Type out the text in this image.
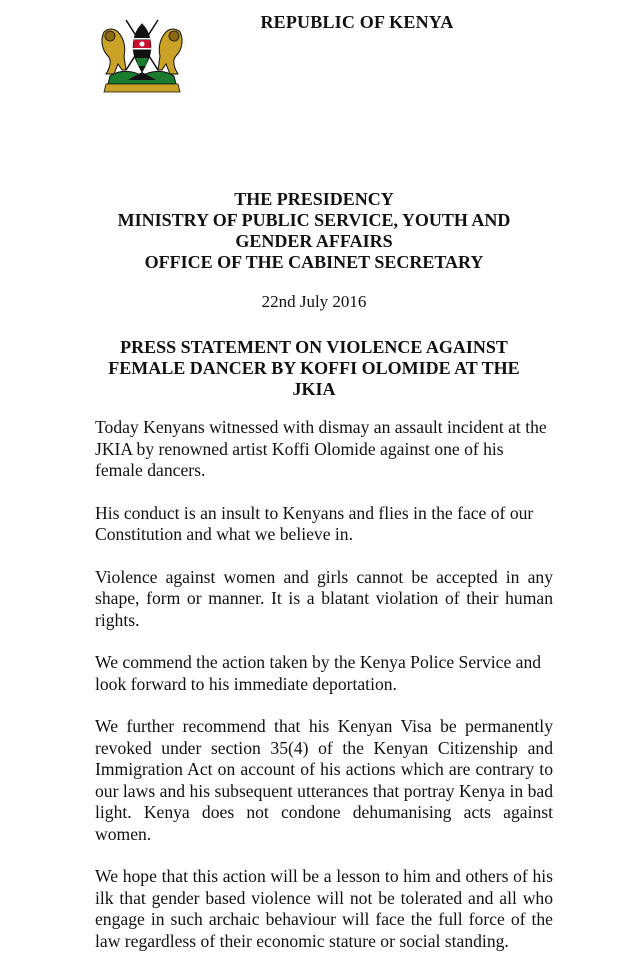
REPUBLIC OF KENYA
THE PRESIDENCY
MINISTRY OF PUBLIC SERVICE, YOUTH AND
GENDER AFFAIRS
OFFICE OF THE CABINET SECRETARY
22nd July 2016
PRESS STATEMENT ON VIOLENCE AGAINST
FEMALE DANCER BY KOFFI OLOMIDE AT THE
JKIA

Today Kenyans witnessed with dismay an assault incident at the JKIA by renowned artist Koffi Olomide against one of his female dancers.

His conduct is an insult to Kenyans and flies in the face of our Constitution and what we believe in.

Violence against women and girls cannot be accepted in any shape, form or manner. It is a blatant violation of their human rights.

We commend the action taken by the Kenya Police Service and look forward to his immediate deportation.

We further recommend that his Kenyan Visa be permanently revoked under section 35(4) of the Kenyan Citizenship and Immigration Act on account of his actions which are contrary to our laws and his subsequent utterances that portray Kenya in bad light. Kenya does not condone dehumanising acts against women.

We hope that this action will be a lesson to him and others of his ilk that gender based violence will not be tolerated and all who engage in such archaic behaviour will face the full force of the law regardless of their economic stature or social standing.
